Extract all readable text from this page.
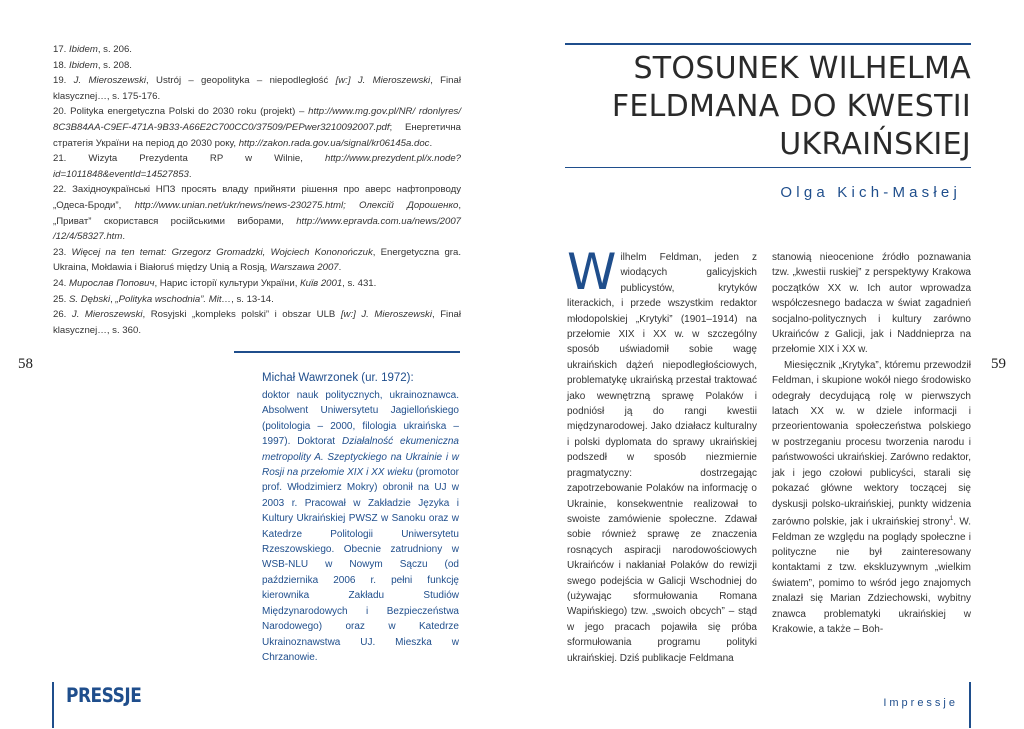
17. Ibidem, s. 206.

18. Ibidem, s. 208.

19. J. Mieroszewski, Ustrój – geopolityka – niepodległość [w:] J. Mieroszewski, Finał klasycznej…, s. 175-176.

20. Polityka energetyczna Polski do 2030 roku (projekt) – http://www.mg.gov.pl/NR/ rdonlyres/ 8C3B84AA-C9EF-471A-9B33-A66E2C700CC0/37509/PEPwer3210092007.pdf; Енергетична стратегія України на період до 2030 року, http://zakon.rada.gov.ua/signal/kr06145a.doc.

21. Wizyta Prezydenta RP w Wilnie, http://www.prezydent.pl/x.node?id=1011848&eventId=14527853.

22. Західноукраїнські НПЗ просять владу прийняти рішення про аверс нафтопроводу „Одеса-Броди”, http://www.unian.net/ukr/news/news-230275.html; Олексій Дорошенко, „Приват” скористався російськими виборами, http://www.epravda.com.ua/news/2007 /12/4/58327.htm.

23. Więcej na ten temat: Grzegorz Gromadzki, Wojciech Kononończuk, Energetyczna gra. Ukraina, Mołdawia i Białoruś między Unią a Rosją, Warszawa 2007.

24. Мирослав Попович, Нарис історії культури України, Київ 2001, s. 431.

25. S. Dębski, „Polityka wschodnia”. Mit…, s. 13-14.

26. J. Mieroszewski, Rosyjski „kompleks polski” i obszar ULB [w:] J. Mieroszewski, Finał klasycznej…, s. 360.

58
Michał Wawrzonek (ur. 1972):
doktor nauk politycznych, ukrainoznawca. Absolwent Uniwersytetu Jagiellońskiego (politologia – 2000, filologia ukraińska – 1997). Doktorat Działalność ekumeniczna metropolity A. Szeptyckiego na Ukrainie i w Rosji na przełomie XIX i XX wieku (promotor prof. Włodzimierz Mokry) obronił na UJ w 2003 r. Pracował w Zakładzie Języka i Kultury Ukraińskiej PWSZ w Sanoku oraz w Katedrze Politologii Uniwersytetu Rzeszowskiego. Obecnie zatrudniony w WSB-NLU w Nowym Sączu (od października 2006 r. pełni funkcję kierownika Zakładu Studiów Międzynarodowych i Bezpieczeństwa Narodowego) oraz w Katedrze Ukrainoznawstwa UJ. Mieszka w Chrzanowie.
PRESSJE
STOSUNEK WILHELMA
FELDMANA DO KWESTII
UKRAIŃSKIEJ
Olga Kich-Masłej

W ilhelm Feldman, jeden z wiodących galicyjskich publicystów, krytyków literackich, i przede wszystkim redaktor młodopolskiej „Krytyki” (1901–1914) na przełomie XIX i XX w. w szczególny sposób uświadomił sobie wagę ukraińskich dążeń niepodległościowych, problematykę ukraińską przestał traktować jako wewnętrzną sprawę Polaków i podniósł ją do rangi kwestii międzynarodowej. Jako działacz kulturalny i polski dyplomata do sprawy ukraińskiej podszedł w sposób niezmiernie pragmatyczny: dostrzegając zapotrzebowanie Polaków na informację o Ukrainie, konsekwentnie realizował to swoiste zamówienie społeczne. Zdawał sobie również sprawę ze znaczenia rosnących aspiracji narodowościowych Ukraińców i nakłaniał Polaków do rewizji swego podejścia w Galicji Wschodniej do (używając sformułowania Romana Wapińskiego) tzw. „swoich obcych” – stąd w jego pracach pojawiła się próba sformułowania programu polityki ukraińskiej. Dziś publikacje Feldmana

stanowią nieocenione źródło poznawania tzw. „kwestii ruskiej” z perspektywy Krakowa początków XX w. Ich autor wprowadza współczesnego badacza w świat zagadnień socjalno-politycznych i kultury zarówno Ukraińców z Galicji, jak i Naddnieprza na przełomie XIX i XX w.

Miesięcznik „Krytyka”, któremu przewodził Feldman, i skupione wokół niego środowisko odegrały decydującą rolę w pierwszych latach XX w. w dziele informacji i przeorientowania społeczeństwa polskiego w postrzeganiu procesu tworzenia narodu i państwowości ukraińskiej. Zarówno redaktor, jak i jego czołowi publicyści, starali się pokazać główne wektory toczącej się dyskusji polsko-ukraińskiej, punkty widzenia zarówno polskie, jak i ukraińskiej strony$^1$. W. Feldman ze względu na poglądy społeczne i polityczne nie był zainteresowany kontaktami z tzw. ekskluzywnym „wielkim światem”, pomimo to wśród jego znajomych znalazł się Marian Zdziechowski, wybitny znawca problematyki ukraińskiej w Krakowie, a także – Boh-

59
Impressje
